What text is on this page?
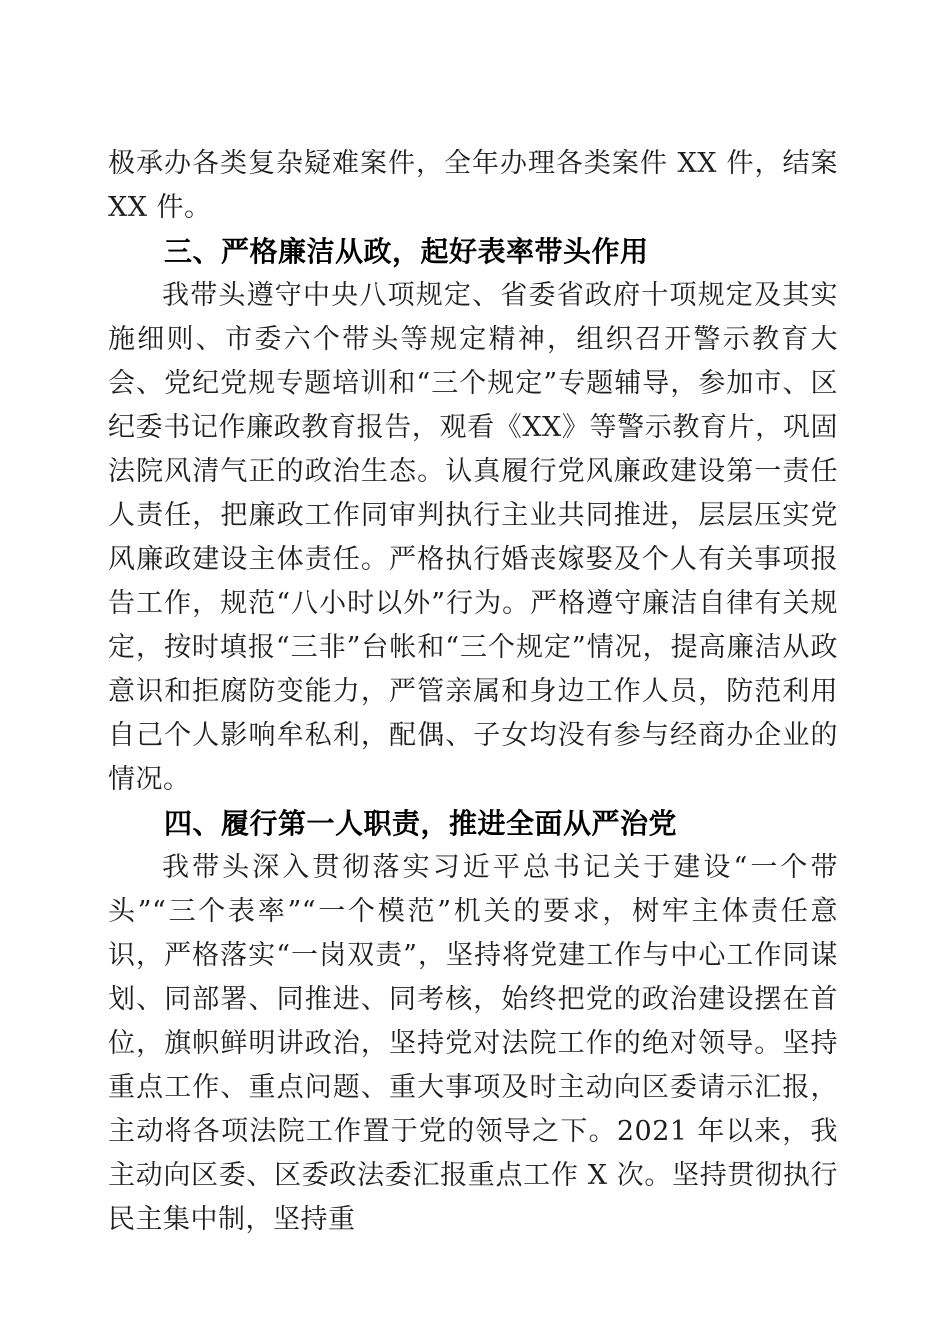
极承办各类复杂疑难案件，全年办理各类案件 XX 件，结案 XX 件。

三、严格廉洁从政，起好表率带头作用

我带头遵守中央八项规定、省委省政府十项规定及其实施细则、市委六个带头等规定精神，组织召开警示教育大会、党纪党规专题培训和“三个规定”专题辅导，参加市、区纪委书记作廉政教育报告，观看《XX》等警示教育片，巩固法院风清气正的政治生态。认真履行党风廉政建设第一责任人责任，把廉政工作同审判执行主业共同推进，层层压实党风廉政建设主体责任。严格执行婚丧嫁娶及个人有关事项报告工作，规范“八小时以外”行为。严格遵守廉洁自律有关规定，按时填报“三非”台帐和“三个规定”情况，提高廉洁从政意识和拒腐防变能力，严管亲属和身边工作人员，防范利用自己个人影响牟私利，配偶、子女均没有参与经商办企业的情况。

四、履行第一人职责，推进全面从严治党

我带头深入贯彻落实习近平总书记关于建设“一个带头”“三个表率”“一个模范”机关的要求，树牢主体责任意识，严格落实“一岗双责”，坚持将党建工作与中心工作同谋划、同部署、同推进、同考核，始终把党的政治建设摆在首位，旗帜鲜明讲政治，坚持党对法院工作的绝对领导。坚持重点工作、重点问题、重大事项及时主动向区委请示汇报，主动将各项法院工作置于党的领导之下。2021 年以来，我主动向区委、区委政法委汇报重点工作 X 次。坚持贯彻执行民主集中制，坚持重
